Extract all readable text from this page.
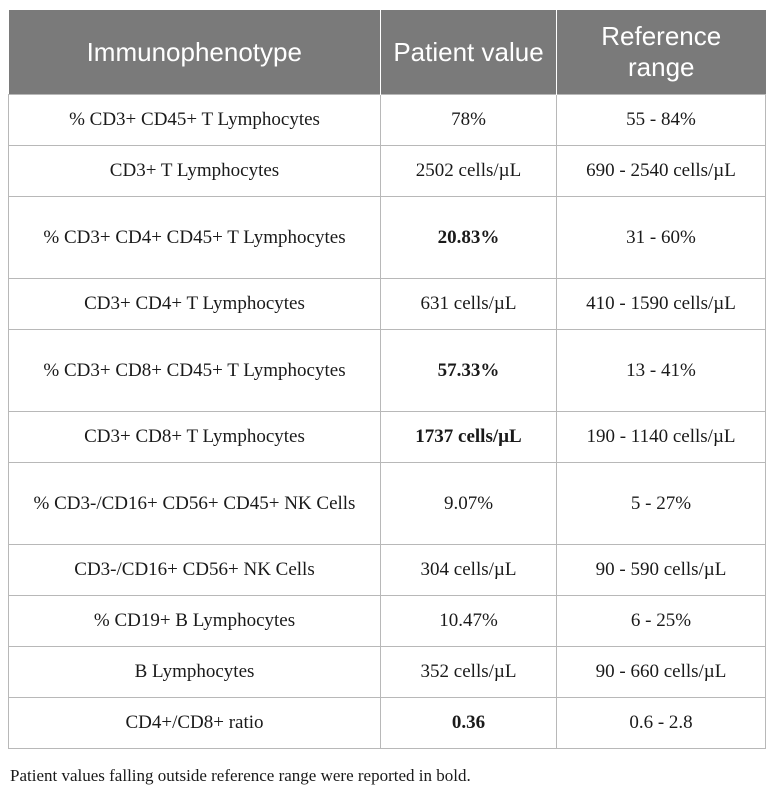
Immunophenotype	Patient value	Reference range
% CD3+ CD45+ T Lymphocytes	78%	55 - 84%
CD3+ T Lymphocytes	2502 cells/µL	690 - 2540 cells/µL
% CD3+ CD4+ CD45+ T Lymphocytes	20.83%	31 - 60%
CD3+ CD4+ T Lymphocytes	631 cells/µL	410 - 1590 cells/µL
% CD3+ CD8+ CD45+ T Lymphocytes	57.33%	13 - 41%
CD3+ CD8+ T Lymphocytes	1737 cells/µL	190 - 1140 cells/µL
% CD3-/CD16+ CD56+ CD45+ NK Cells	9.07%	5 - 27%
CD3-/CD16+ CD56+ NK Cells	304 cells/µL	90 - 590 cells/µL
% CD19+ B Lymphocytes	10.47%	6 - 25%
B Lymphocytes	352 cells/µL	90 - 660 cells/µL
CD4+/CD8+ ratio	0.36	0.6 - 2.8
Patient values falling outside reference range were reported in bold.
